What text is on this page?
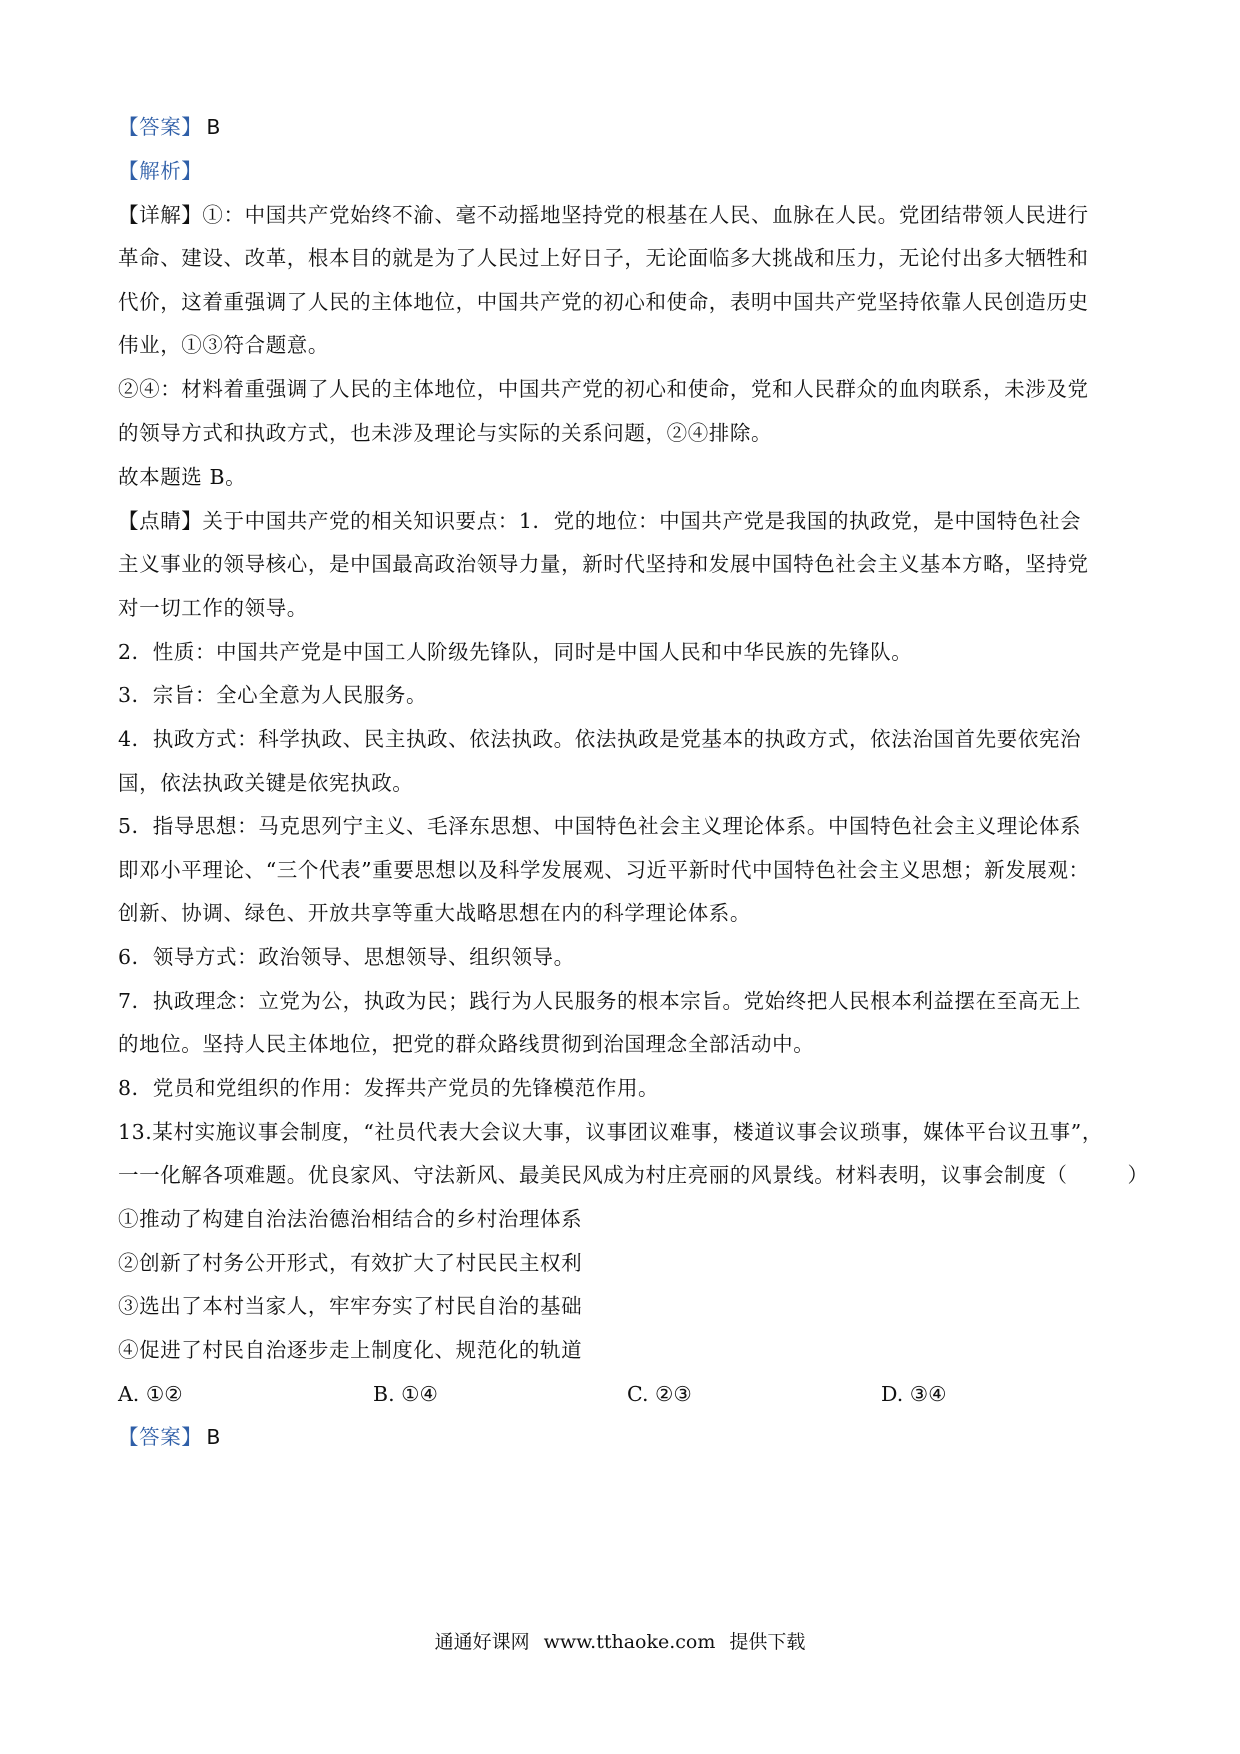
【答案】 B
【解析】
【详解】①：中国共产党始终不渝、毫不动摇地坚持党的根基在人民、血脉在人民。党团结带领人民进行
革命、建设、改革，根本目的就是为了人民过上好日子，无论面临多大挑战和压力，无论付出多大牺牲和
代价，这着重强调了人民的主体地位，中国共产党的初心和使命，表明中国共产党坚持依靠人民创造历史
伟业，①③符合题意。
②④：材料着重强调了人民的主体地位，中国共产党的初心和使命，党和人民群众的血肉联系，未涉及党
的领导方式和执政方式，也未涉及理论与实际的关系问题，②④排除。
故本题选 B。
【点睛】关于中国共产党的相关知识要点：1．党的地位：中国共产党是我国的执政党，是中国特色社会
主义事业的领导核心，是中国最高政治领导力量，新时代坚持和发展中国特色社会主义基本方略，坚持党
对一切工作的领导。
2．性质：中国共产党是中国工人阶级先锋队，同时是中国人民和中华民族的先锋队。
3．宗旨：全心全意为人民服务。
4．执政方式：科学执政、民主执政、依法执政。依法执政是党基本的执政方式，依法治国首先要依宪治
国，依法执政关键是依宪执政。
5．指导思想：马克思列宁主义、毛泽东思想、中国特色社会主义理论体系。中国特色社会主义理论体系
即邓小平理论、“三个代表”重要思想以及科学发展观、习近平新时代中国特色社会主义思想；新发展观：
创新、协调、绿色、开放共享等重大战略思想在内的科学理论体系。
6．领导方式：政治领导、思想领导、组织领导。
7．执政理念：立党为公，执政为民；践行为人民服务的根本宗旨。党始终把人民根本利益摆在至高无上
的地位。坚持人民主体地位，把党的群众路线贯彻到治国理念全部活动中。
8．党员和党组织的作用：发挥共产党员的先锋模范作用。
13.某村实施议事会制度，“社员代表大会议大事，议事团议难事，楼道议事会议琐事，媒体平台议丑事”，
一一化解各项难题。优良家风、守法新风、最美民风成为村庄亮丽的风景线。材料表明，议事会制度（	）
①推动了构建自治法治德治相结合的乡村治理体系
②创新了村务公开形式，有效扩大了村民民主权利
③选出了本村当家人，牢牢夯实了村民自治的基础
④促进了村民自治逐步走上制度化、规范化的轨道
A. ①②	B. ①④	C. ②③	D. ③④
【答案】 B
通通好课网 www.tthaoke.com 提供下载
